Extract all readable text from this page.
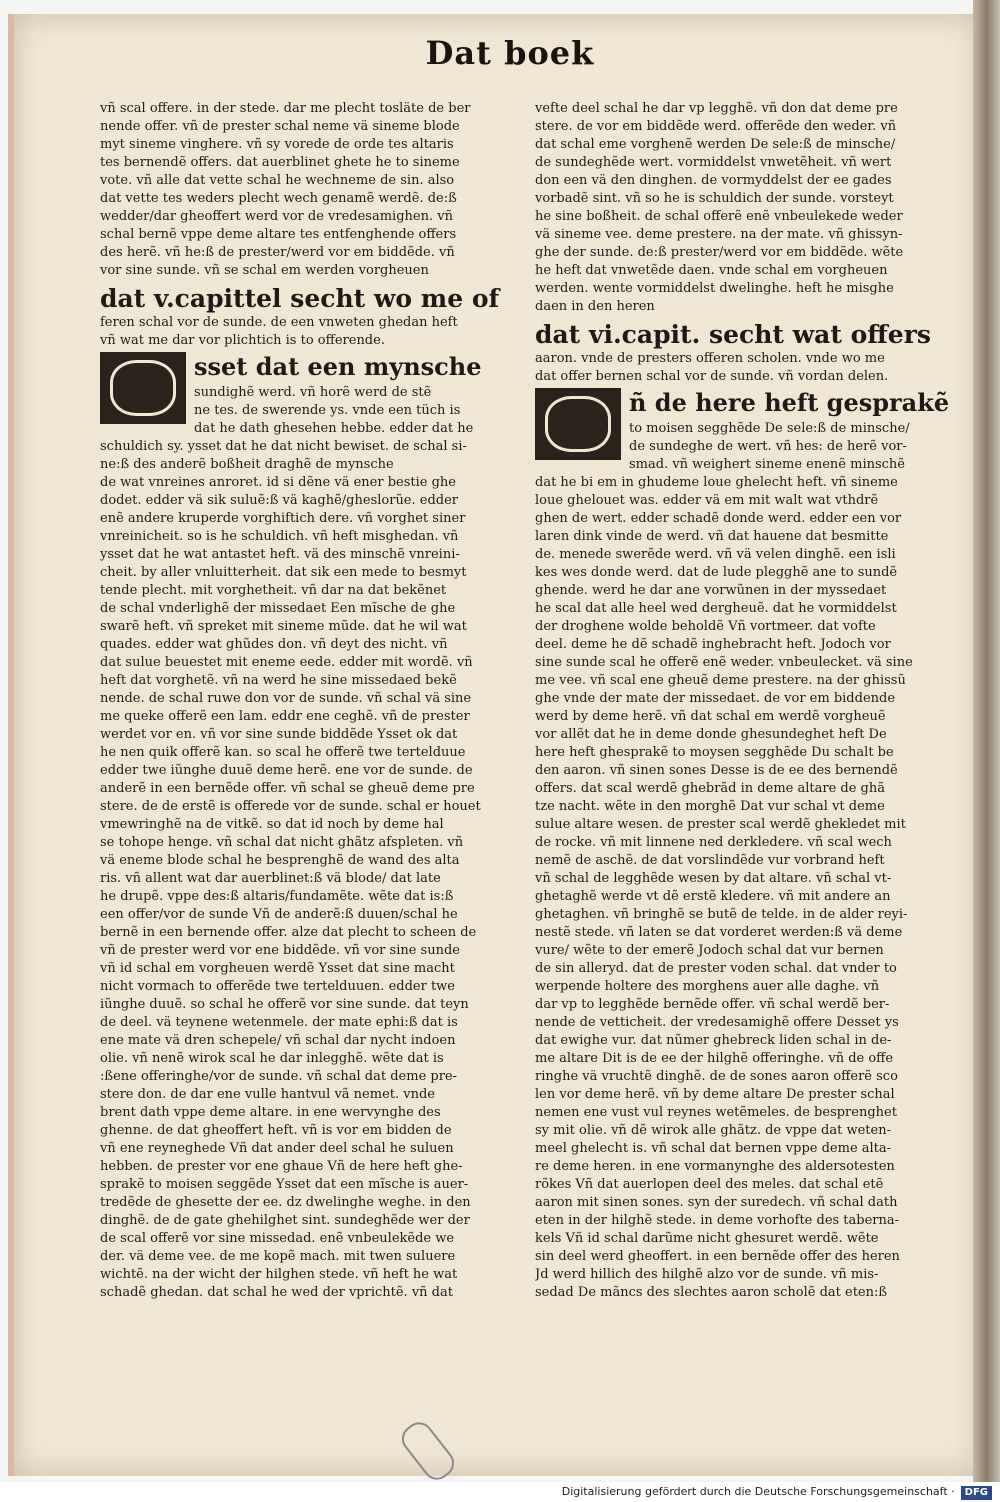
Dat boek
vñ scal offere. in der stede. dar me plecht tosläte de ber
nende offer. vñ de prester schal neme vä sineme blode
myt sineme vinghere. vñ sy vorede de orde tes altaris
tes bernendẽ offers. dat auerblinet ghete he to sineme
vote. vñ alle dat vette schal he wechneme de sin. also
dat vette tes weders plecht wech genamẽ werdẽ. de:ß
wedder/dar gheoffert werd vor de vredesamighen. vñ
schal bernẽ vppe deme altare tes entfenghende offers
des herẽ. vñ he:ß de prester/werd vor em biddẽde. vñ
vor sine sunde. vñ se schal em werden vorgheuen
dat v.capittel secht wo me of
feren schal vor de sunde. de een vnweten ghedan heft
vñ wat me dar vor plichtich is to offerende.
sset dat een mynsche
sundighẽ werd. vñ horẽ werd de stẽ
ne tes. de swerende ys. vnde een tüch is
dat he dath ghesehen hebbe. edder dat he
schuldich sy. ysset dat he dat nicht bewiset. de schal si-
ne:ß des anderẽ boßheit draghẽ de mynsche
de wat vnreines anroret. id si dẽne vä ener bestie ghe
dodet. edder vä sik suluẽ:ß vä kaghẽ/gheslorũe. edder
enẽ andere kruperde vorghiftich dere. vñ vorghet siner
vnreinicheit. so is he schuldich. vñ heft misghedan. vñ
ysset dat he wat antastet heft. vä des minschẽ vnreini-
cheit. by aller vnluitterheit. dat sik een mede to besmyt
tende plecht. mit vorghetheit. vñ dar na dat bekẽnet
de schal vnderlighẽ der missedaet Een mĩsche de ghe
swarẽ heft. vñ spreket mit sineme mũde. dat he wil wat
quades. edder wat ghũdes don. vñ deyt des nicht. vñ
dat sulue beuestet mit eneme eede. edder mit wordẽ. vñ
heft dat vorghetẽ. vñ na werd he sine missedaed bekẽ
nende. de schal ruwe don vor de sunde. vñ schal vä sine
me queke offerẽ een lam. eddr ene ceghẽ. vñ de prester
werdet vor en. vñ vor sine sunde biddẽde Ysset ok dat
he nen quik offerẽ kan. so scal he offerẽ twe tertelduue
edder twe iũnghe duuẽ deme herẽ. ene vor de sunde. de
anderẽ in een bernẽde offer. vñ schal se gheuẽ deme pre
stere. de de erstẽ is offerede vor de sunde. schal er houet
vmewringhẽ na de vitkẽ. so dat id noch by deme hal
se tohope henge. vñ schal dat nicht ghãtz afspleten. vñ
vä eneme blode schal he besprenghẽ de wand des alta
ris. vñ allent wat dar auerblinet:ß vä blode/ dat late
he drupẽ. vppe des:ß altaris/fundamẽte. wẽte dat is:ß
een offer/vor de sunde Vñ de anderẽ:ß duuen/schal he
bernẽ in een bernende offer. alze dat plecht to scheen de
vñ de prester werd vor ene biddẽde. vñ vor sine sunde
vñ id schal em vorgheuen werdẽ Ysset dat sine macht
nicht vormach to offerẽde twe tertelduuen. edder twe
iũnghe duuẽ. so schal he offerẽ vor sine sunde. dat teyn
de deel. vä teynene wetenmele. der mate ephi:ß dat is
ene mate vä dren schepele/ vñ schal dar nycht indoen
olie. vñ nenẽ wirok scal he dar inlegghẽ. wẽte dat is
:ßene offeringhe/vor de sunde. vñ schal dat deme pre-
stere don. de dar ene vulle hantvul vã nemet. vnde
brent dath vppe deme altare. in ene wervynghe des
ghenne. de dat gheoffert heft. vñ is vor em bidden de
vñ ene reyneghede Vñ dat ander deel schal he suluen
hebben. de prester vor ene ghaue Vñ de here heft ghe-
sprakẽ to moisen seggẽde Ysset dat een mĩsche is auer-
tredẽde de ghesette der ee. dz dwelinghe weghe. in den
dinghẽ. de de gate ghehilghet sint. sundeghẽde wer der
de scal offerẽ vor sine missedad. enẽ vnbeulekẽde we
der. vä deme vee. de me kopẽ mach. mit twen suluere
wichtẽ. na der wicht der hilghen stede. vñ heft he wat
schadẽ ghedan. dat schal he wed der vprichtẽ. vñ dat
vefte deel schal he dar vp legghẽ. vñ don dat deme pre
stere. de vor em biddẽde werd. offerẽde den weder. vñ
dat schal eme vorghenẽ werden De sele:ß de minsche/
de sundeghẽde wert. vormiddelst vnwetẽheit. vñ wert
don een vä den dinghen. de vormyddelst der ee gades
vorbadẽ sint. vñ so he is schuldich der sunde. vorsteyt
he sine boßheit. de schal offerẽ enẽ vnbeulekede weder
vä sineme vee. deme prestere. na der mate. vñ ghissyn-
ghe der sunde. de:ß prester/werd vor em biddẽde. wẽte
he heft dat vnwetẽde daen. vnde schal em vorgheuen
werden. wente vormiddelst dwelinghe. heft he misghe
daen in den heren
dat vi.capit. secht wat offers
aaron. vnde de presters offeren scholen. vnde wo me
dat offer bernen schal vor de sunde. vñ vordan delen.
ñ de here heft gesprakẽ
to moisen segghẽde De sele:ß de minsche/
de sundeghe de wert. vñ hes: de herẽ vor-
smad. vñ weighert sineme enenẽ minschẽ
dat he bi em in ghudeme loue ghelecht heft. vñ sineme
loue ghelouet was. edder vä em mit walt wat vthdrẽ
ghen de wert. edder schadẽ donde werd. edder een vor
laren dink vinde de werd. vñ dat hauene dat besmitte
de. menede swerẽde werd. vñ vä velen dinghẽ. een isli
kes wes donde werd. dat de lude plegghẽ ane to sundẽ
ghende. werd he dar ane vorwũnen in der myssedaet
he scal dat alle heel wed dergheuẽ. dat he vormiddelst
der droghene wolde beholdẽ Vñ vortmeer. dat vofte
deel. deme he dẽ schadẽ inghebracht heft. Jodoch vor
sine sunde scal he offerẽ enẽ weder. vnbeulecket. vä sine
me vee. vñ scal ene gheuẽ deme prestere. na der ghissũ
ghe vnde der mate der missedaet. de vor em biddende
werd by deme herẽ. vñ dat schal em werdẽ vorgheuẽ
vor allẽt dat he in deme donde ghesundeghet heft De
here heft ghesprakẽ to moysen segghẽde Du schalt be
den aaron. vñ sinen sones Desse is de ee des bernendẽ
offers. dat scal werdẽ ghebrãd in deme altare de ghã
tze nacht. wẽte in den morghẽ Dat vur schal vt deme
sulue altare wesen. de prester scal werdẽ ghekledet mit
de rocke. vñ mit linnene ned derkledere. vñ scal wech
nemẽ de aschẽ. de dat vorslindẽde vur vorbrand heft
vñ schal de legghẽde wesen by dat altare. vñ schal vt-
ghetaghẽ werde vt dẽ erstẽ kledere. vñ mit andere an
ghetaghen. vñ bringhẽ se butẽ de telde. in de alder reyi-
nestẽ stede. vñ laten se dat vorderet werden:ß vä deme
vure/ wẽte to der emerẽ Jodoch schal dat vur bernen
de sin alleryd. dat de prester voden schal. dat vnder to
werpende holtere des morghens auer alle daghe. vñ
dar vp to legghẽde bernẽde offer. vñ schal werdẽ ber-
nende de vetticheit. der vredesamighẽ offere Desset ys
dat ewighe vur. dat nũmer ghebreck liden schal in de-
me altare Dit is de ee der hilghẽ offeringhe. vñ de offe
ringhe vä vruchtẽ dinghẽ. de de sones aaron offerẽ sco
len vor deme herẽ. vñ by deme altare De prester schal
nemen ene vust vul reynes wetẽmeles. de besprenghet
sy mit olie. vñ dẽ wirok alle ghãtz. de vppe dat weten-
meel ghelecht is. vñ schal dat bernen vppe deme alta-
re deme heren. in ene vormanynghe des aldersotesten
rõkes Vñ dat auerlopen deel des meles. dat schal etẽ
aaron mit sinen sones. syn der suredech. vñ schal dath
eten in der hilghẽ stede. in deme vorhofte des taberna-
kels Vñ id schal darũme nicht ghesuret werdẽ. wẽte
sin deel werd gheoffert. in een bernẽde offer des heren
Jd werd hillich des hilghẽ alzo vor de sunde. vñ mis-
sedad De mãncs des slechtes aaron scholẽ dat eten:ß
Digitalisierung gefördert durch die Deutsche Forschungsgemeinschaft · DFG
